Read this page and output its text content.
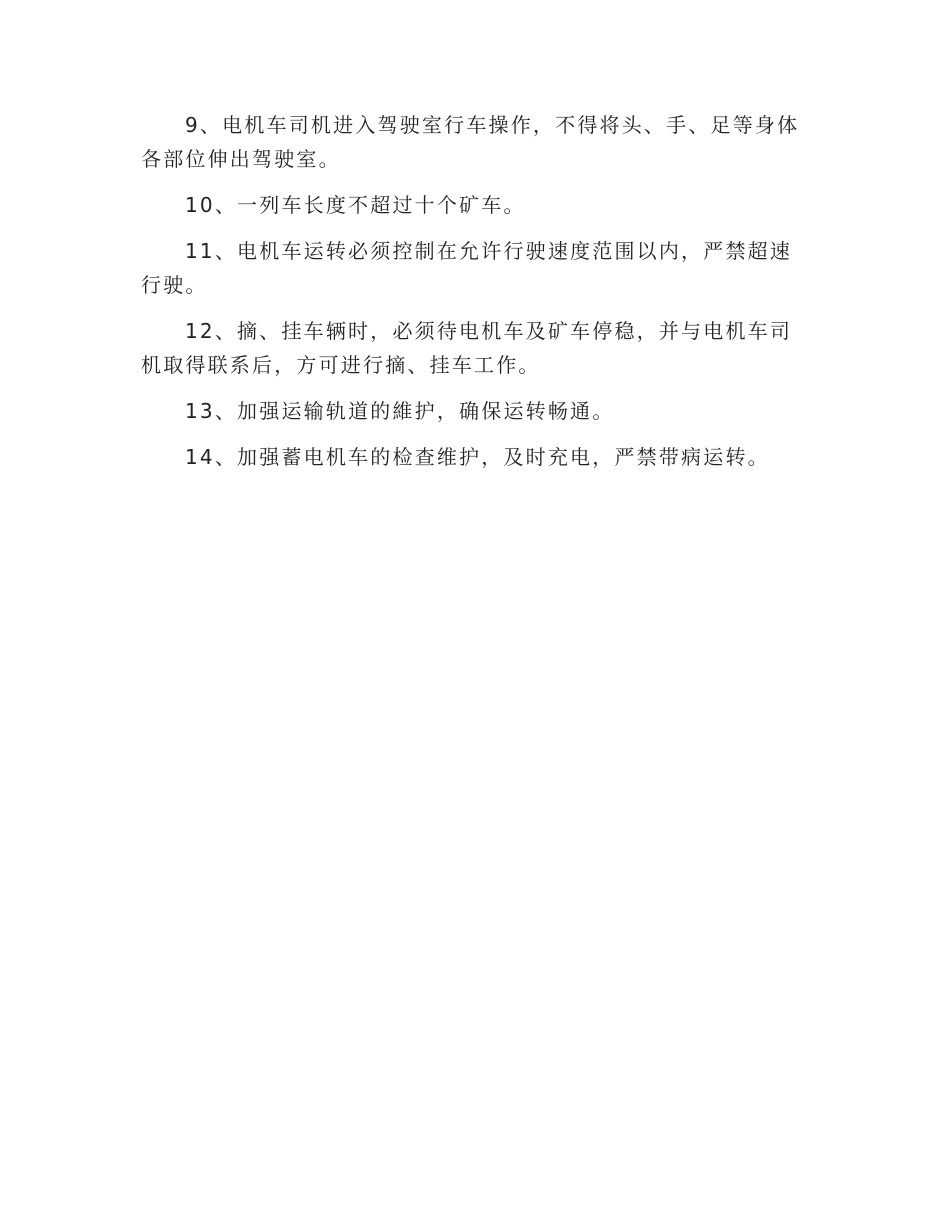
9、电机车司机进入驾驶室行车操作，不得将头、手、足等身体各部位伸出驾驶室。

10、一列车长度不超过十个矿车。

11、电机车运转必须控制在允许行驶速度范围以内，严禁超速行驶。

12、摘、挂车辆时，必须待电机车及矿车停稳，并与电机车司机取得联系后，方可进行摘、挂车工作。

13、加强运输轨道的維护，确保运转畅通。

14、加强蓄电机车的检查维护，及时充电，严禁带病运转。
